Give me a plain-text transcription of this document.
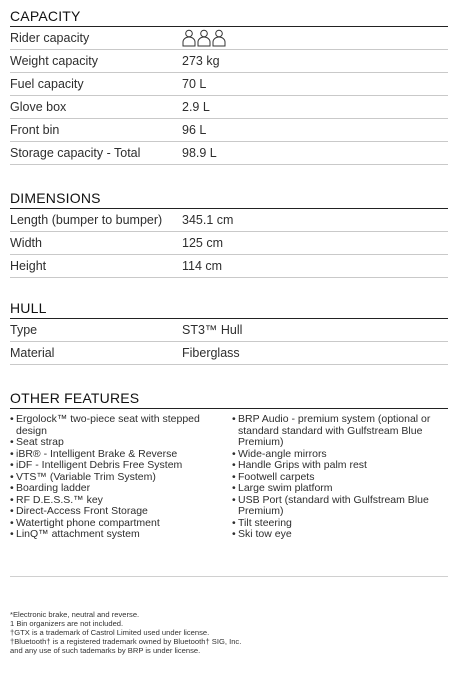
CAPACITY
Rider capacity
Weight capacity	273 kg
Fuel capacity	70 L
Glove box	2.9 L
Front bin	96 L
Storage capacity - Total	98.9 L
DIMENSIONS
Length (bumper to bumper)	345.1 cm
Width	125 cm
Height	114 cm
HULL
Type	ST3™ Hull
Material	Fiberglass
OTHER FEATURES
• Ergolock™ two-piece seat with stepped design
• Seat strap
• iBR® - Intelligent Brake & Reverse
• iDF - Intelligent Debris Free System
• VTS™ (Variable Trim System)
• Boarding ladder
• RF D.E.S.S.™ key
• Direct-Access Front Storage
• Watertight phone compartment
• LinQ™ attachment system
• BRP Audio - premium system (optional or standard standard with Gulfstream Blue Premium)
• Wide-angle mirrors
• Handle Grips with palm rest
• Footwell carpets
• Large swim platform
• USB Port (standard with Gulfstream Blue Premium)
• Tilt steering
• Ski tow eye
*Electronic brake, neutral and reverse.
1 Bin organizers are not included.
†GTX is a trademark of Castrol Limited used under license.
†Bluetooth† is a registered trademark owned by Bluetooth† SIG, Inc.
and any use of such tademarks by BRP is under license.
